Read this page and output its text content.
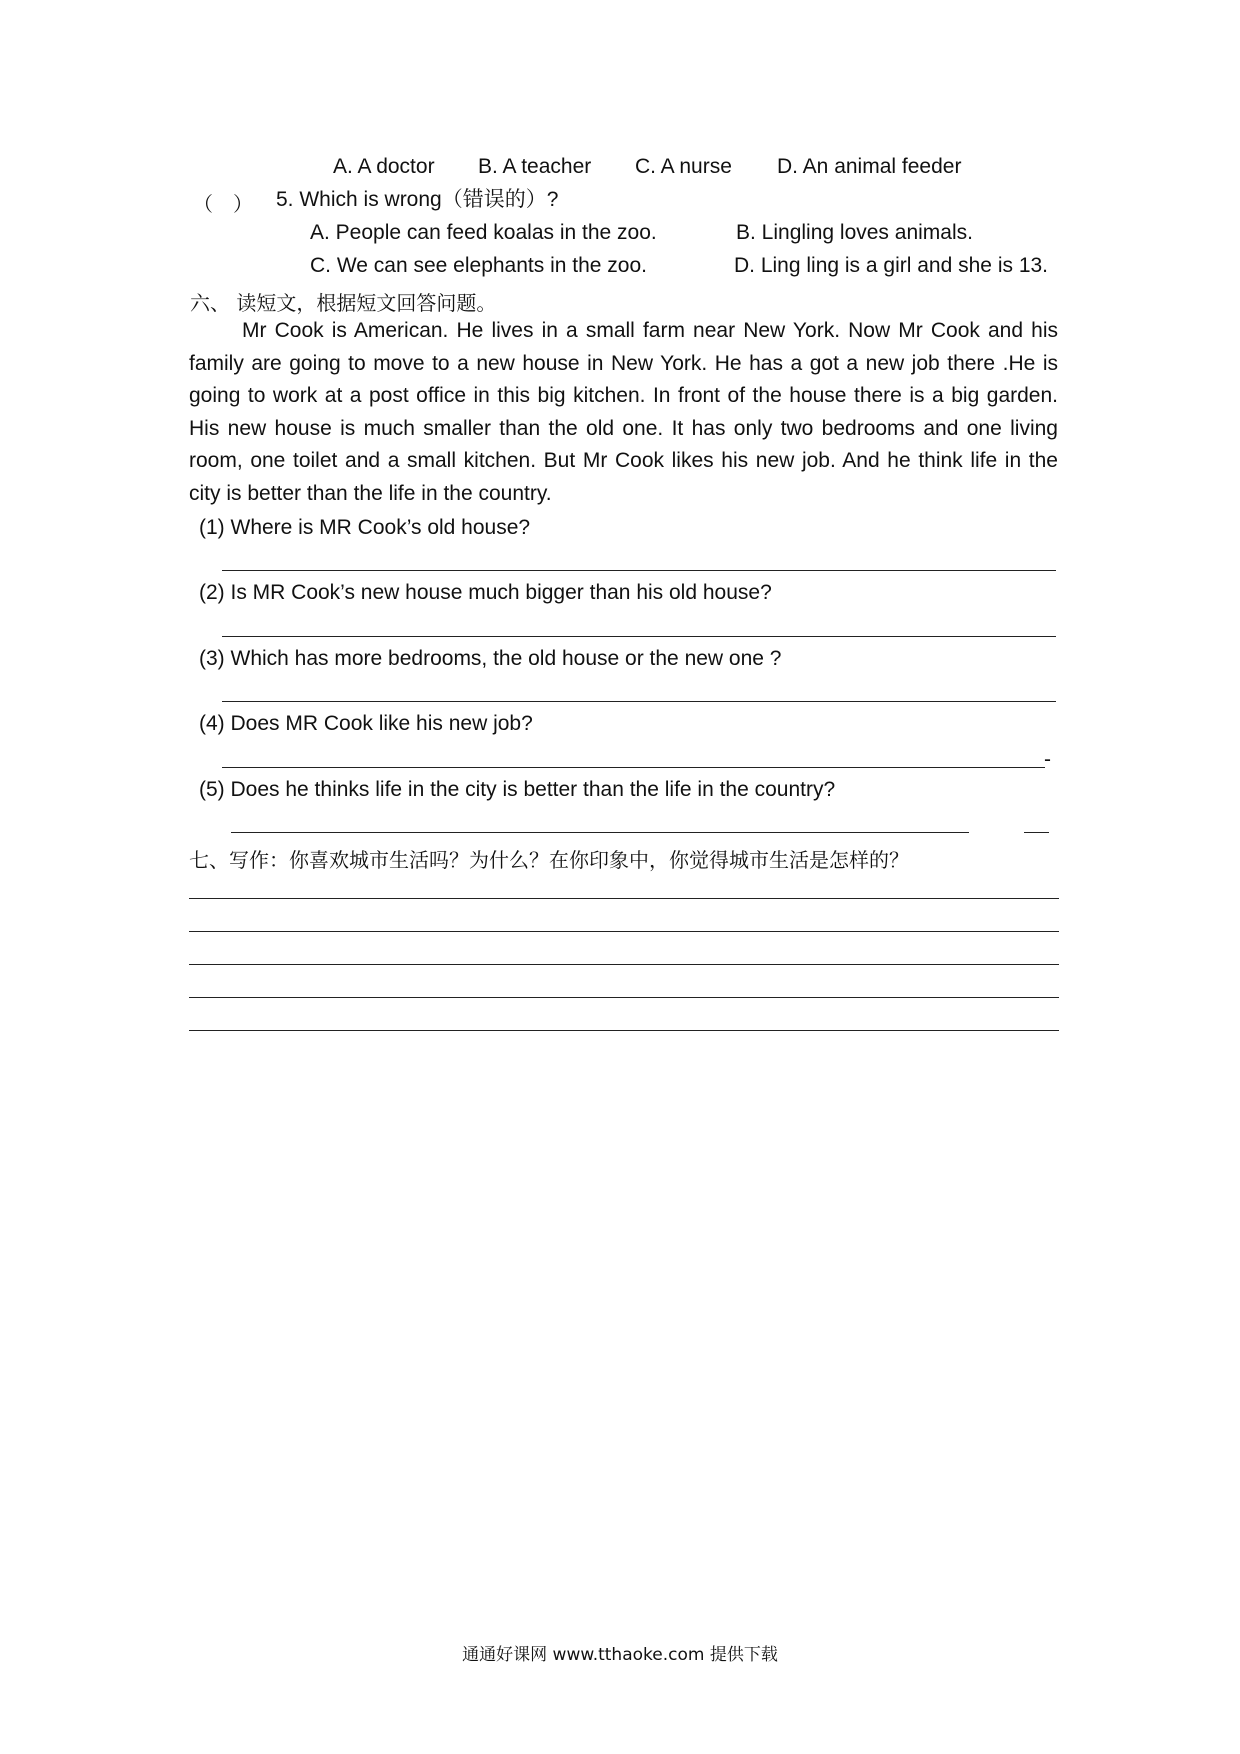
A. A doctor B. A teacher C. A nurse D. An animal feeder
（　） 5. Which is wrong（错误的）?
A. People can feed koalas in the zoo.	B. Lingling loves animals.
C. We can see elephants in the zoo.	D. Ling ling is a girl and she is 13.
六、 读短文，根据短文回答问题。
Mr Cook is American. He lives in a small farm near New York. Now Mr Cook and his family are going to move to a new house in New York. He has a got a new job there .He is going to work at a post office in this big kitchen. In front of the house there is a big garden. His new house is much smaller than the old one. It has only two bedrooms and one living room, one toilet and a small kitchen. But Mr Cook likes his new job. And he think life in the city is better than the life in the country.
(1) Where is MR Cook’s old house?
(2) Is MR Cook’s new house much bigger than his old house?
(3) Which has more bedrooms, the old house or the new one ?
(4) Does MR Cook like his new job?
-
(5) Does he thinks life in the city is better than the life in the country?
七、写作：你喜欢城市生活吗？为什么？在你印象中，你觉得城市生活是怎样的？
通通好课网 www.tthaoke.com 提供下载
